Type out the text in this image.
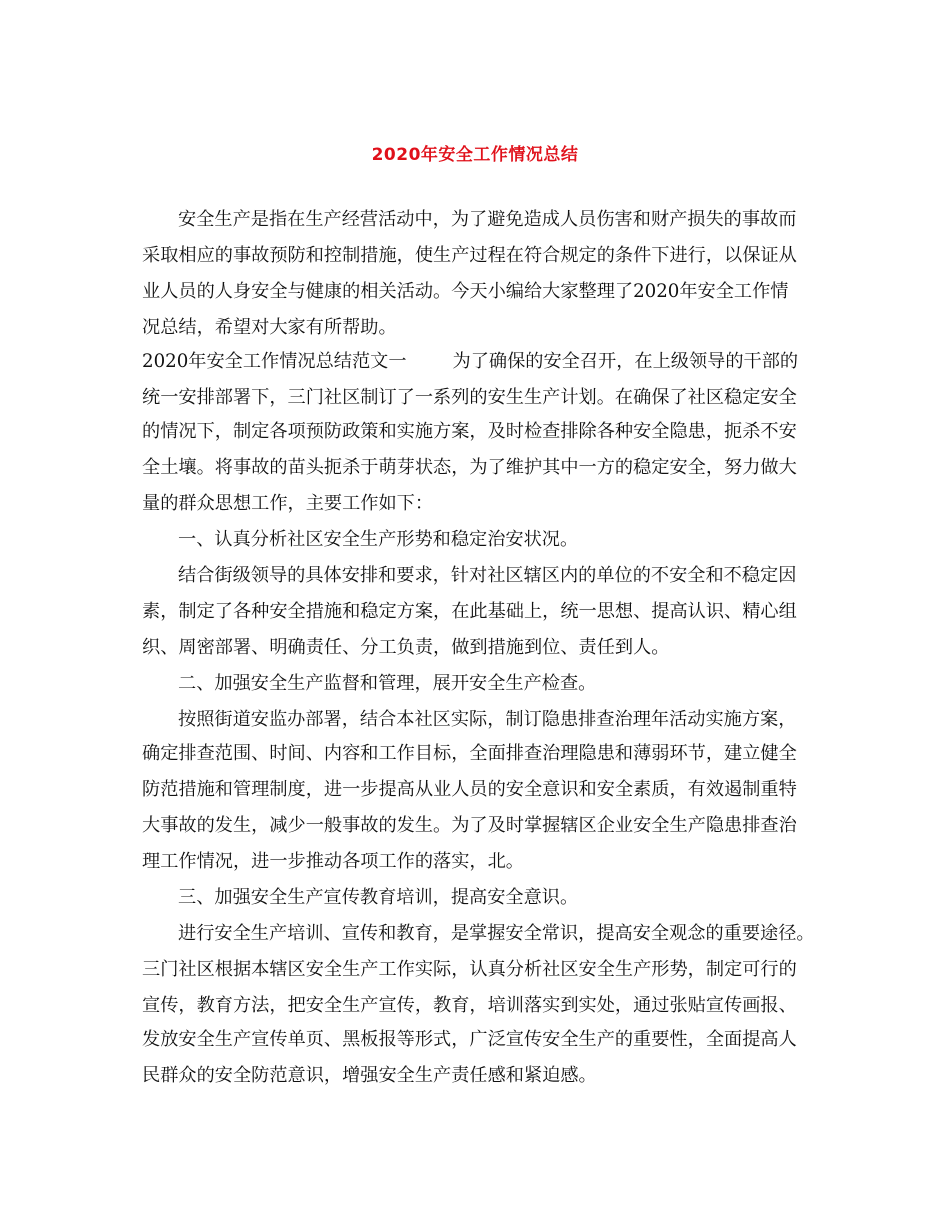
2020年安全工作情况总结
安全生产是指在生产经营活动中，为了避免造成人员伤害和财产损失的事故而
采取相应的事故预防和控制措施，使生产过程在符合规定的条件下进行，以保证从
业人员的人身安全与健康的相关活动。今天小编给大家整理了2020年安全工作情
况总结，希望对大家有所帮助。
2020年安全工作情况总结范文一	为了确保的安全召开，在上级领导的干部的
统一安排部署下，三门社区制订了一系列的安生生产计划。在确保了社区稳定安全
的情况下，制定各项预防政策和实施方案，及时检查排除各种安全隐患，扼杀不安
全土壤。将事故的苗头扼杀于萌芽状态，为了维护其中一方的稳定安全，努力做大
量的群众思想工作，主要工作如下：
一、认真分析社区安全生产形势和稳定治安状况。
结合街级领导的具体安排和要求，针对社区辖区内的单位的不安全和不稳定因
素，制定了各种安全措施和稳定方案，在此基础上，统一思想、提高认识、精心组
织、周密部署、明确责任、分工负责，做到措施到位、责任到人。
二、加强安全生产监督和管理，展开安全生产检查。
按照街道安监办部署，结合本社区实际，制订隐患排查治理年活动实施方案，
确定排查范围、时间、内容和工作目标，全面排查治理隐患和薄弱环节，建立健全
防范措施和管理制度，进一步提高从业人员的安全意识和安全素质，有效遏制重特
大事故的发生，减少一般事故的发生。为了及时掌握辖区企业安全生产隐患排查治
理工作情况，进一步推动各项工作的落实，北。
三、加强安全生产宣传教育培训，提高安全意识。
进行安全生产培训、宣传和教育，是掌握安全常识，提高安全观念的重要途径。
三门社区根据本辖区安全生产工作实际，认真分析社区安全生产形势，制定可行的
宣传，教育方法，把安全生产宣传，教育，培训落实到实处，通过张贴宣传画报、
发放安全生产宣传单页、黑板报等形式，广泛宣传安全生产的重要性，全面提高人
民群众的安全防范意识，增强安全生产责任感和紧迫感。
